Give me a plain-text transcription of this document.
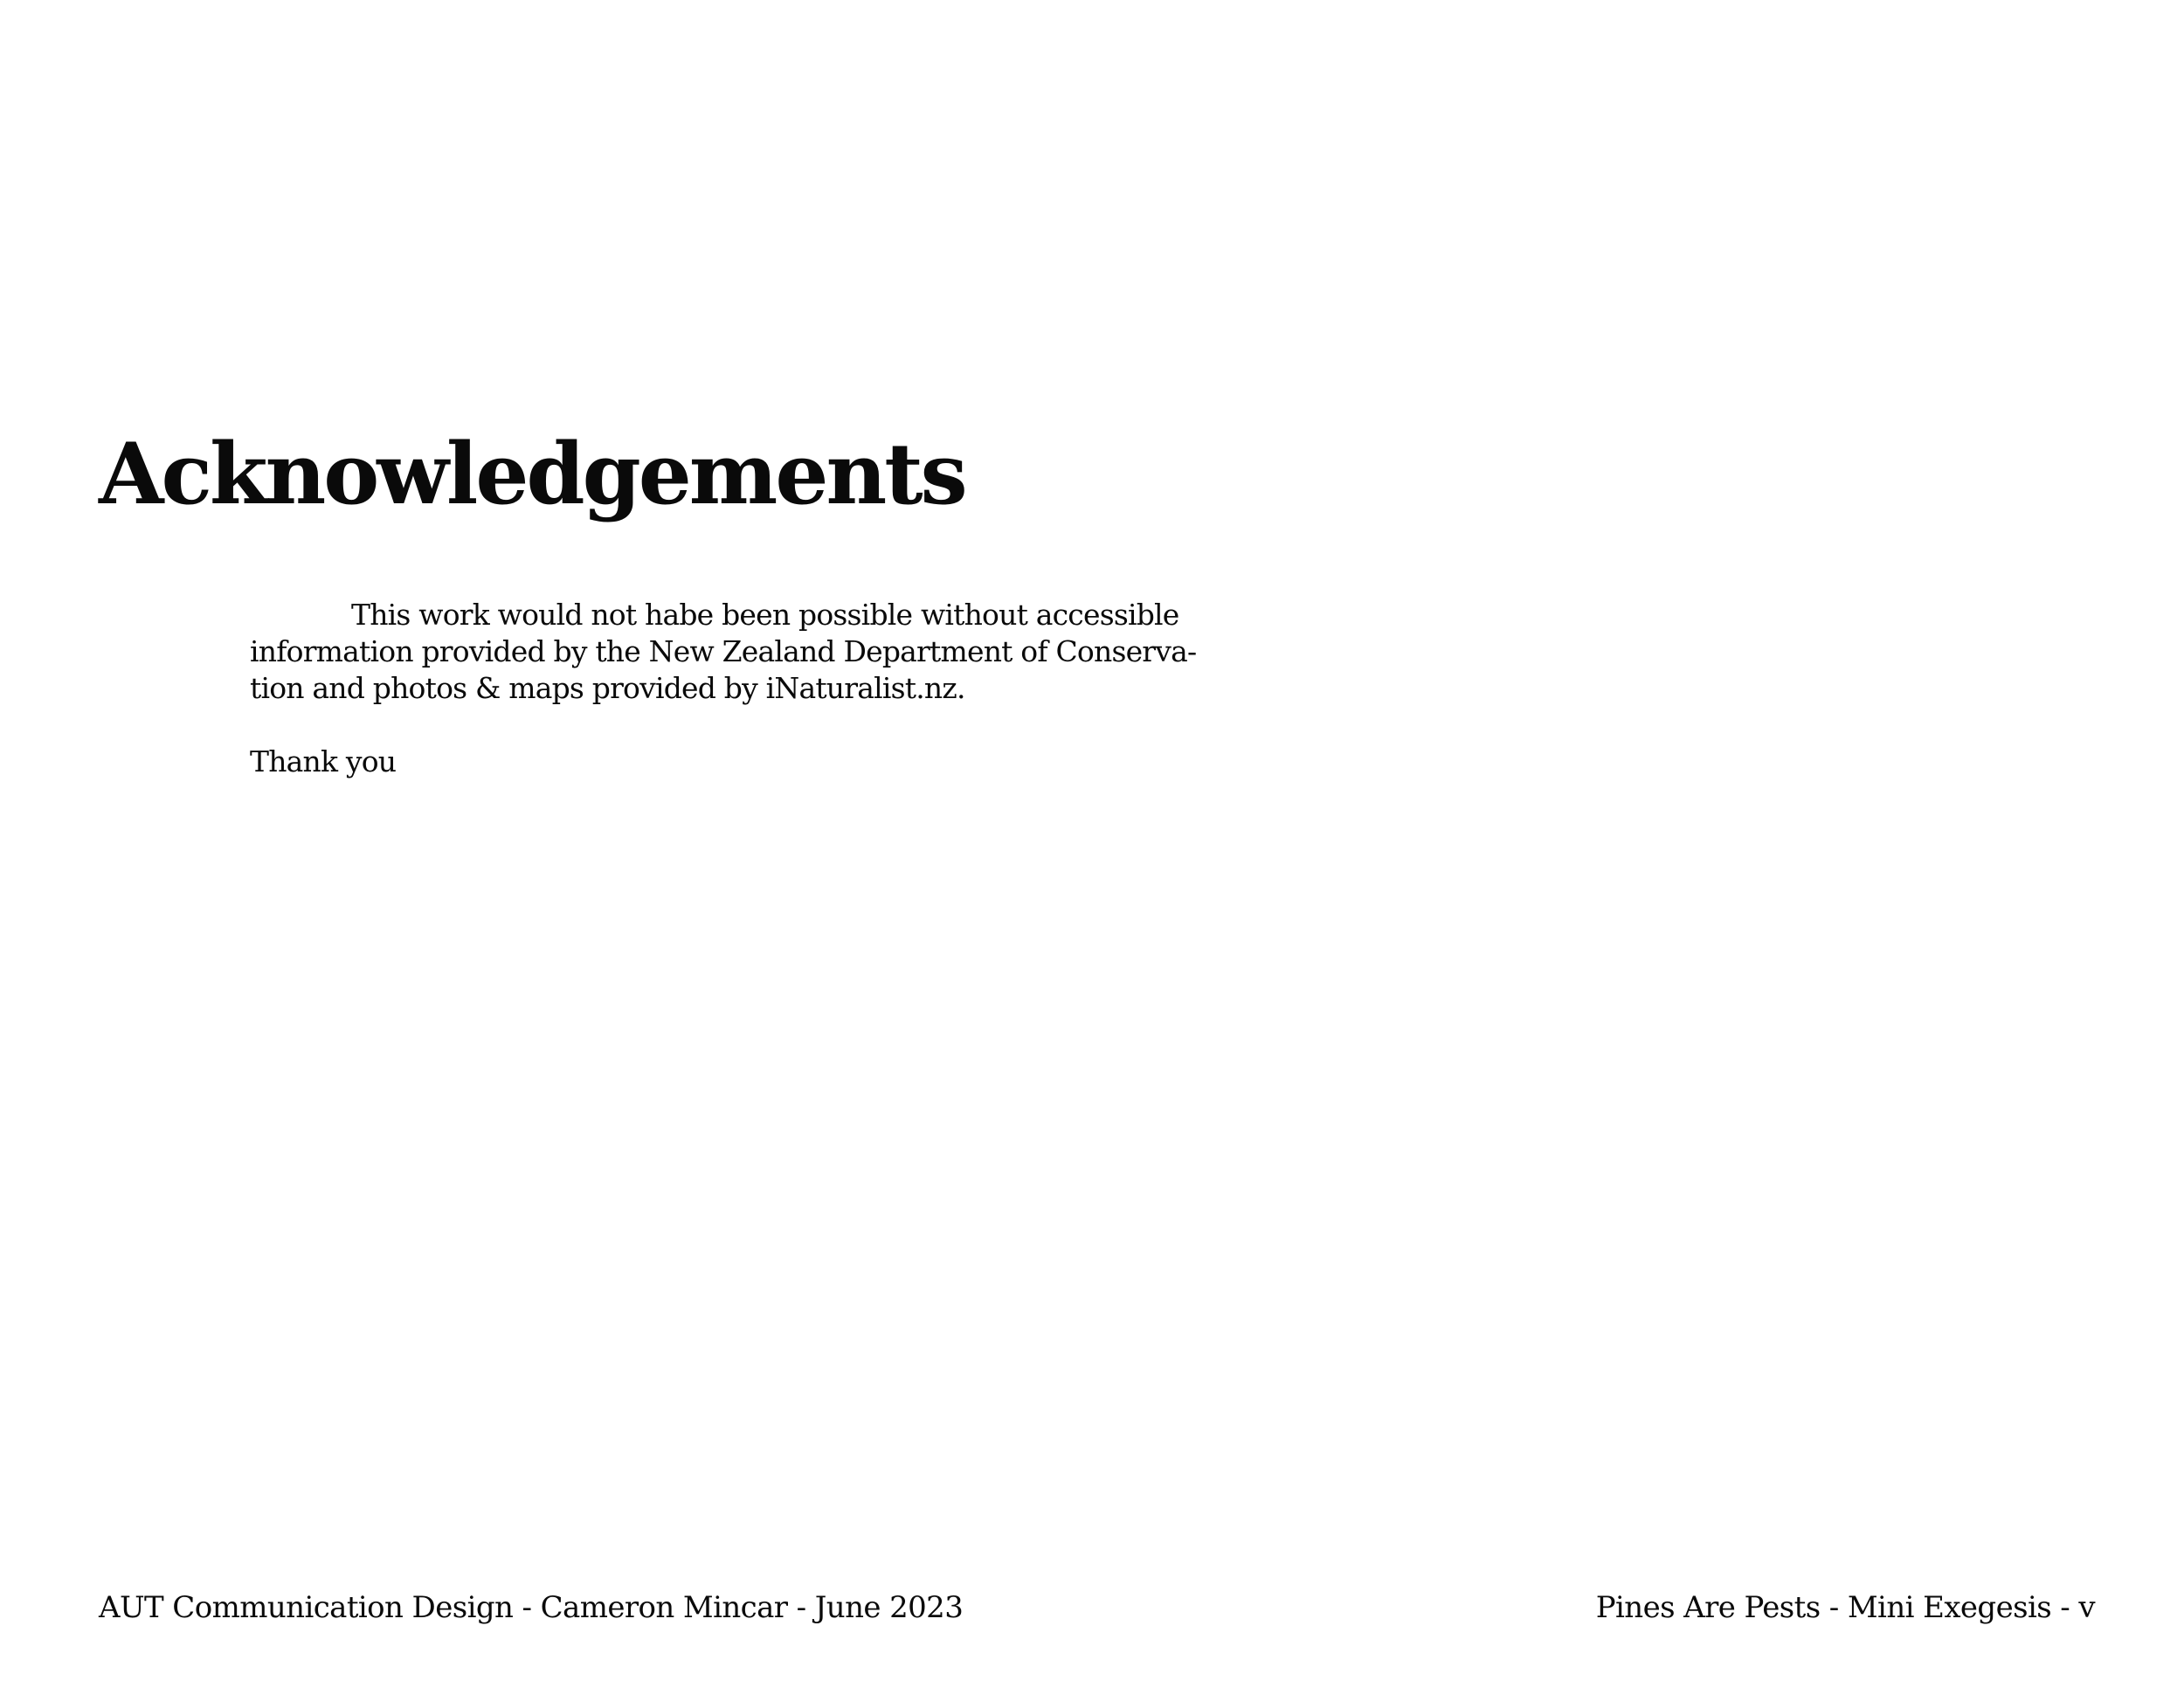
Acknowledgements

This work would not habe been possible without accessible
information provided by the New Zealand Department of Conserva-
tion and photos & maps provided by iNaturalist.nz.

Thank you

AUT Communication Design - Cameron Mincar - June 2023	Pines Are Pests - Mini Exegesis - v
